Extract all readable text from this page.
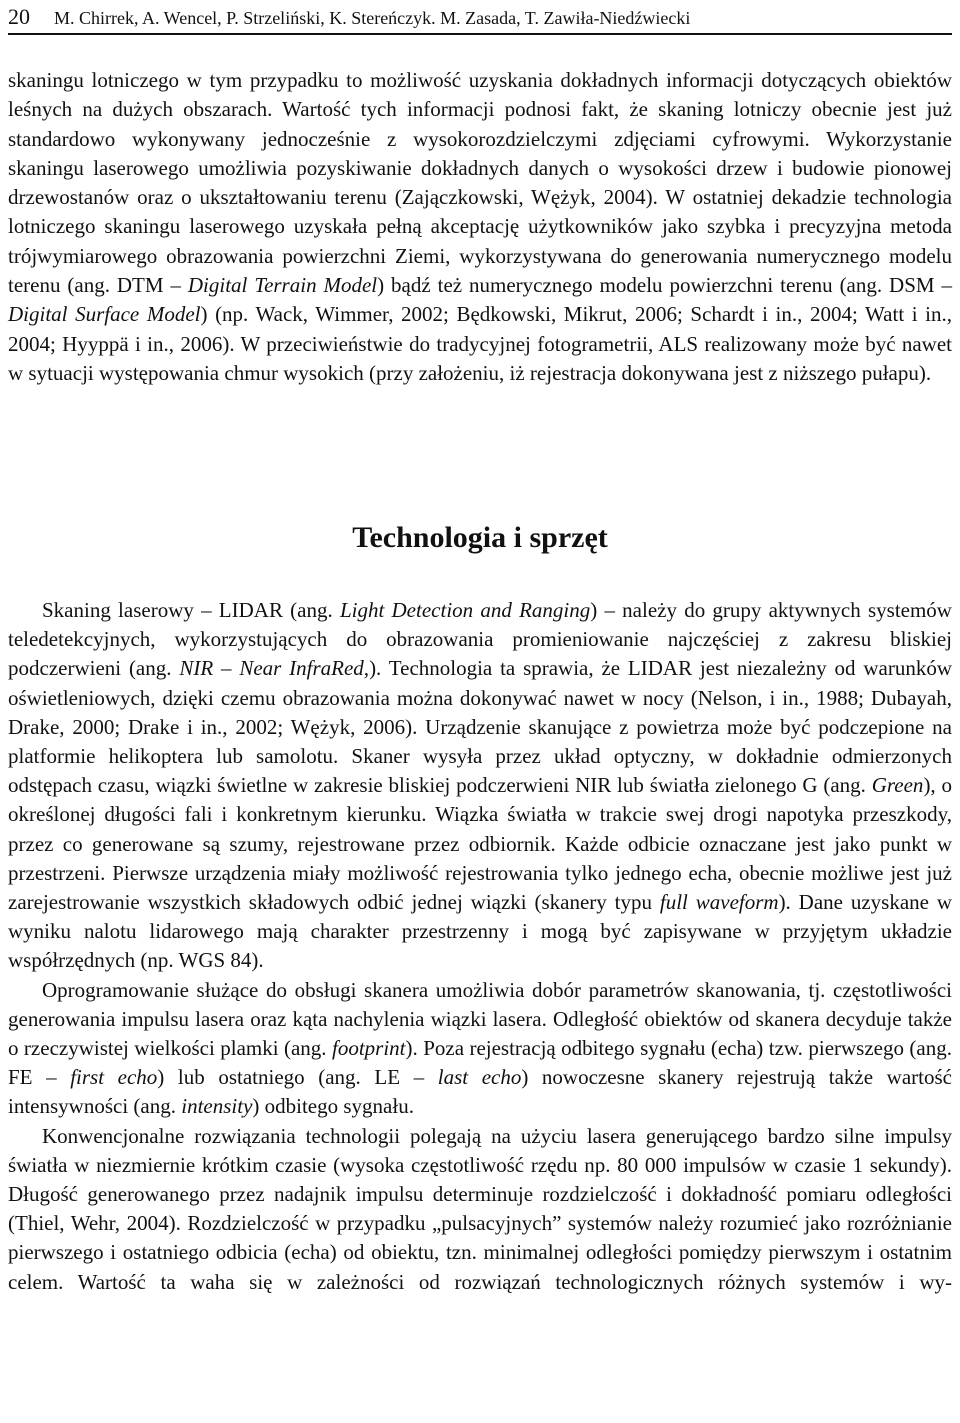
20 M. Chirrek, A. Wencel, P. Strzeliński, K. Stereńczyk. M. Zasada, T. Zawiła-Niedźwiecki

skaningu lotniczego w tym przypadku to możliwość uzyskania dokładnych informacji dotyczących obiektów leśnych na dużych obszarach. Wartość tych informacji podnosi fakt, że skaning lotniczy obecnie jest już standardowo wykonywany jednocześnie z wysokorozdzielczymi zdjęciami cyfrowymi. Wykorzystanie skaningu laserowego umożliwia pozyskiwanie dokładnych danych o wysokości drzew i budowie pionowej drzewostanów oraz o ukształtowaniu terenu (Zajączkowski, Wężyk, 2004). W ostatniej dekadzie technologia lotniczego skaningu laserowego uzyskała pełną akceptację użytkowników jako szybka i precyzyjna metoda trójwymiarowego obrazowania powierzchni Ziemi, wykorzystywana do generowania numerycznego modelu terenu (ang. DTM – Digital Terrain Model) bądź też numerycznego modelu powierzchni terenu (ang. DSM – Digital Surface Model) (np. Wack, Wimmer, 2002; Będkowski, Mikrut, 2006; Schardt i in., 2004; Watt i in., 2004; Hyyppä i in., 2006). W przeciwieństwie do tradycyjnej fotogrametrii, ALS realizowany może być nawet w sytuacji występowania chmur wysokich (przy założeniu, iż rejestracja dokonywana jest z niższego pułapu).

Technologia i sprzęt

Skaning laserowy – LIDAR (ang. Light Detection and Ranging) – należy do grupy aktywnych systemów teledetekcyjnych, wykorzystujących do obrazowania promieniowanie najczęściej z zakresu bliskiej podczerwieni (ang. NIR – Near InfraRed,). Technologia ta sprawia, że LIDAR jest niezależny od warunków oświetleniowych, dzięki czemu obrazowania można dokonywać nawet w nocy (Nelson, i in., 1988; Dubayah, Drake, 2000; Drake i in., 2002; Wężyk, 2006). Urządzenie skanujące z powietrza może być podczepione na platformie helikoptera lub samolotu. Skaner wysyła przez układ optyczny, w dokładnie odmierzonych odstępach czasu, wiązki świetlne w zakresie bliskiej podczerwieni NIR lub światła zielonego G (ang. Green), o określonej długości fali i konkretnym kierunku. Wiązka światła w trakcie swej drogi napotyka przeszkody, przez co generowane są szumy, rejestrowane przez odbiornik. Każde odbicie oznaczane jest jako punkt w przestrzeni. Pierwsze urządzenia miały możliwość rejestrowania tylko jednego echa, obecnie możliwe jest już zarejestrowanie wszystkich składowych odbić jednej wiązki (skanery typu full waveform). Dane uzyskane w wyniku nalotu lidarowego mają charakter przestrzenny i mogą być zapisywane w przyjętym układzie współrzędnych (np. WGS 84).

Oprogramowanie służące do obsługi skanera umożliwia dobór parametrów skanowania, tj. częstotliwości generowania impulsu lasera oraz kąta nachylenia wiązki lasera. Odległość obiektów od skanera decyduje także o rzeczywistej wielkości plamki (ang. footprint). Poza rejestracją odbitego sygnału (echa) tzw. pierwszego (ang. FE – first echo) lub ostatniego (ang. LE – last echo) nowoczesne skanery rejestrują także wartość intensywności (ang. intensity) odbitego sygnału.

Konwencjonalne rozwiązania technologii polegają na użyciu lasera generującego bardzo silne impulsy światła w niezmiernie krótkim czasie (wysoka częstotliwość rzędu np. 80 000 impulsów w czasie 1 sekundy). Długość generowanego przez nadajnik impulsu determinuje rozdzielczość i dokładność pomiaru odległości (Thiel, Wehr, 2004). Rozdzielczość w przypadku „pulsacyjnych” systemów należy rozumieć jako rozróżnianie pierwszego i ostatniego odbicia (echa) od obiektu, tzn. minimalnej odległości pomiędzy pierwszym i ostatnim celem. Wartość ta waha się w zależności od rozwiązań technologicznych różnych systemów i wy-
